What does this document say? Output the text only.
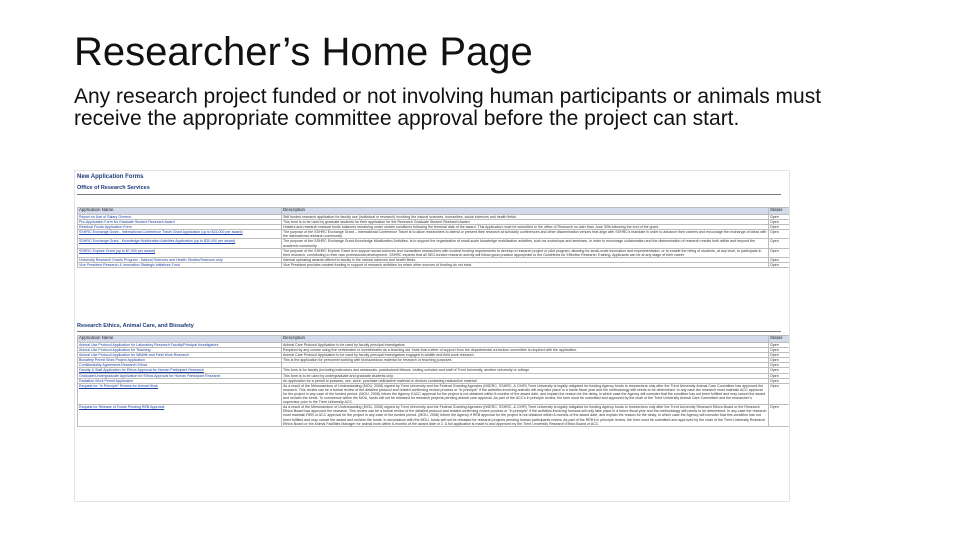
Researcher’s Home Page

Any research project funded or not involving human participants or animals must receive the appropriate committee approval before the project can start.

New Application Forms
Office of Research Services
Application Name	Description	Status
Report on Use of Salary Overrun	Self funded research application for faculty use (individual or research) involving the natural sciences, humanities, social sciences and health fields.	Open
Pre-Application Form for Graduate Student Research Award	This form is to be used by graduate students for their application for the Research Graduate Student Research Award.	Open
Residual Funds Application Form	Holders and research residual funds balances remaining under certain conditions following the terminal date of the award. This Application must be submitted to the office of Research no later than June 30th following the end of the grant.	Open
SSHRC Exchange Grant - International Conference Travel Grant Application (up to $15,000 per award)	The purpose of the SSHRC Exchange Grant – International Conference Travel is to allow researchers to attend or present their research at scholarly conferences and other dissemination venues that align with SSHRC's mandate in order to advance their careers and encourage the exchange of ideas with the international research community.	Open
SSHRC Exchange Grant - Knowledge Mobilization Activities Application (up to $30,000 per award)	The purpose of the SSHRC Exchange Grant-Knowledge Mobilization Activities- is to support the organization of small-scale knowledge mobilization activities, such as workshops and seminars, in order to encourage collaboration and the dissemination of research results both within and beyond the academic community.	Open
SSHRC Explore Grant (up to $7,000 per award)	The purpose of the SSHRC Explore Grant is to support social sciences and humanities researchers with modest funding requirements to develop a research project or pilot program, allowing for small-scale innovation and experimentation, or to enable the hiring of students, at any level, to participate in their research, contributing to their own professional development. SSHRC expects that all SEG-funded research activity will follow good practice appropriate to the Guidelines for Effective Research Training. Applicants can be at any stage of their career.	Open
University Research Grants Program - Natural Sciences and Health Studies/Sciences only	Internal operating awards offered to faculty in the natural sciences and health fields.	Open
Vice President Research & Innovation Strategic Initiatives Fund	Vice President provides modest funding in support of research activities for which other sources of funding do not exist.	Open
Research Ethics, Animal Care, and Biosafety
Application Name	Description	Status
Animal Use Protocol Application for Laboratory Research Faculty/Principal Investigators	Animal Care Protocol Application to be used by faculty principal investigators	Open
Animal Use Protocol Application for Teaching	Required by any course using live vertebrates or invertebrates as a teaching aid. Note that a letter of support from the departmental curriculum committee is required with the application.	Open
Animal Use Protocol Application for Wildlife and Field Work Research	Animal Care Protocol Application to be used by faculty principal investigators engaged in wildlife and field work research	Open
Biosafety Permit Work Project Application	This is the application for personnel working with biohazardous material for research or teaching purposes	Open
Confidentiality Agreement-Research Ethics		Open
Faculty & Staff Application for Ethics Approval for Human Participant Research	This form is for faculty (including instructors and sessionals, postdoctoral fellows, visiting scholars and staff of Trent University, another university or college	Open
Graduate/Undergraduate Application for Ethics Approval for Human Participant Research	This form is to be used by undergraduate and graduate students only.	Open
Radiation Work Permit Application	An application for a permit to possess, use, store, purchase radioactive material or devices containing radioactive material	Open
Request for "In Principle" Review for Animal Work	As a result of the Memorandum of Understanding (MOU, 2008) signed by Trent University and the Federal Granting Agencies (NSERC, SSHRC, & CIHR) Trent University is legally obligated for funding Agency funds to researchers only after the Trent University Animal Care Committee has approved the research. This review can be a formal review of the detailed protocol and related confirming review process or "in principle" if the activities involving animals will only take place in a future fiscal year and the methodology still needs to be determined. In any case the research must maintain ACC approval for the project in any case of the funded period. (MOU, 2008) Inform the Agency if ACC approval for the project is not obtained within 6-months of the award date, and explain the reason for the delay, in which case the Agency will consider that the condition has not been fulfilled and may cancel the award and reclaim the funds. To commence within the MOU, funds will not be released for research projects pending animal care approval. As part of the ACC's in principle review, the form must be submitted and approved by the chair of the Trent University Animal Care Committee and the researcher’s supervisor prior to the Trent University ACC.	Open
Request for Release of Funds Pending REB Approval	As a result of the Memorandum of Understanding (MOU, 2008) signed by Trent University and the Federal Granting Agencies (NSERC, SSHRC, & CIHR) Trent University is legally obligated for funding Agency funds to researchers only after the Trent University Research Ethics Board or the Research Ethics Board has approved the research. This review can be a formal review of the detailed protocol and related confirming review process or "in principle" if the activities involving humans will only take place in a future fiscal year and the methodology still needs to be determined. In any case the research must maintain REB or ACC approval for the project in any case of the funded period. (MOU, 2008) Inform the Agency if REB approval for the project is not obtained within 6-months of the award date, and explain the reason for the delay, in which case the Agency will consider that this condition has not been fulfilled and may cancel the award and reclaim the funds. In accordance with the MOU, funds will not be released for research projects pending human participants review. As part of the REB's in principle review, the form must be submitted and approved by the chair of the Trent University Research Ethics Board or the Animal Facilities Manager for animal work within 6-months of the award date or 2. A full application is made to and approved by the Trent University Research Ethics Board or ACC.	Open
